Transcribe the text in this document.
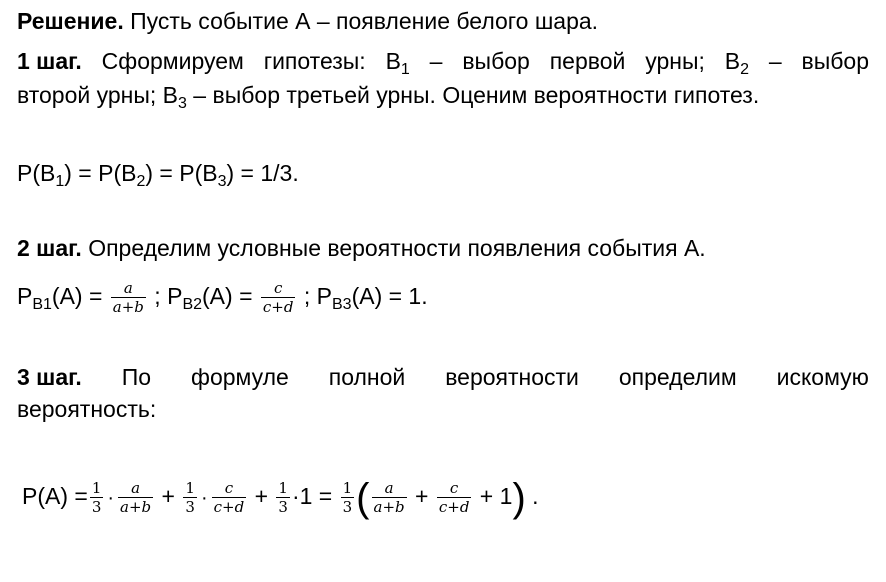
Решение. Пусть событие А – появление белого шара.
1 шаг. Сформируем гипотезы: $B_1$ – выбор первой урны; $B_2$ – выбор
второй урны; $B_3$ – выбор третьей урны. Оценим вероятности гипотез.
$P(B_1) = P(B_2) = P(B_3) = 1/3$.
2 шаг. Определим условные вероятности появления события А.
$P_{B1}(A) = \frac{a}{a+b}$ ; $P_{B2}(A) = \frac{c}{c+d}$ ; $P_{B3}(A) = 1$.
3 шаг. По формуле полной вероятности определим искомую
вероятность:
$P(A) = \frac{1}{3} \cdot \frac{a}{a+b} + \frac{1}{3} \cdot \frac{c}{c+d} + \frac{1}{3} \cdot 1 = \frac{1}{3}$ ( $\frac{a}{a+b} + \frac{c}{c+d} + 1$) .
